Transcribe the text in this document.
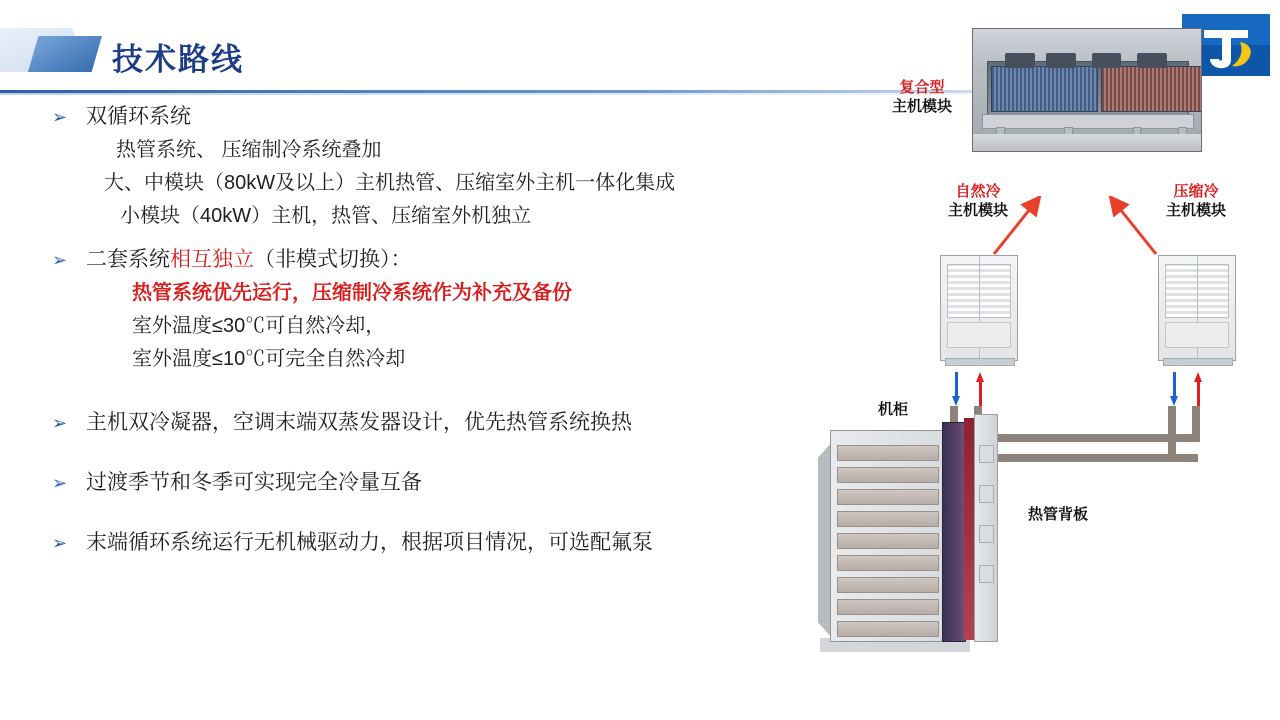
技术路线
➢ 双循环系统
热管系统、 压缩制冷系统叠加
大、中模块（80kW及以上）主机热管、压缩室外主机一体化集成
小模块（40kW）主机，热管、压缩室外机独立
➢ 二套系统相互独立（非模式切换）：
热管系统优先运行，压缩制冷系统作为补充及备份
室外温度≤30℃可自然冷却，
室外温度≤10℃可完全自然冷却
➢ 主机双冷凝器，空调末端双蒸发器设计，优先热管系统换热
➢ 过渡季节和冬季可实现完全冷量互备
➢ 末端循环系统运行无机械驱动力，根据项目情况，可选配氟泵
复合型
主机模块
自然冷
主机模块
压缩冷
主机模块
机柜
热管背板
